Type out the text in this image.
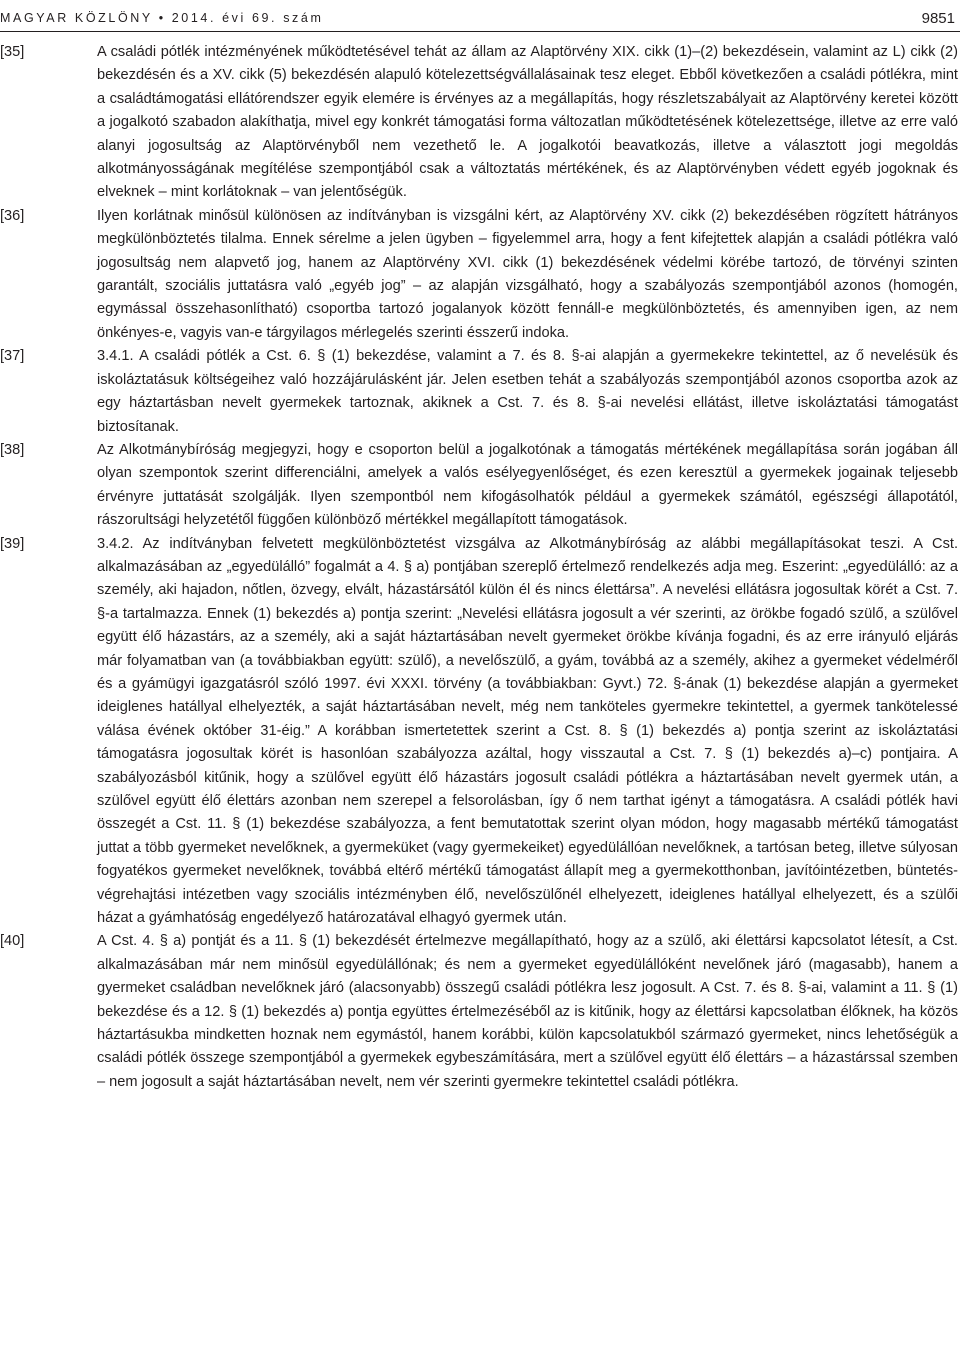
MAGYAR KÖZLÖNY • 2014. évi 69. szám	9851
[35]	A családi pótlék intézményének működtetésével tehát az állam az Alaptörvény XIX. cikk (1)–(2) bekezdésein, valamint az L) cikk (2) bekezdésén és a XV. cikk (5) bekezdésén alapuló kötelezettségvállalásainak tesz eleget. Ebből következően a családi pótlékra, mint a családtámogatási ellátórendszer egyik elemére is érvényes az a megállapítás, hogy részletszabályait az Alaptörvény keretei között a jogalkotó szabadon alakíthatja, mivel egy konkrét támogatási forma változatlan működtetésének kötelezettsége, illetve az erre való alanyi jogosultság az Alaptörvényből nem vezethető le. A jogalkotói beavatkozás, illetve a választott jogi megoldás alkotmányosságának megítélése szempontjából csak a változtatás mértékének, és az Alaptörvényben védett egyéb jogoknak és elveknek – mint korlátoknak – van jelentőségük.
[36]	Ilyen korlátnak minősül különösen az indítványban is vizsgálni kért, az Alaptörvény XV. cikk (2) bekezdésében rögzített hátrányos megkülönböztetés tilalma. Ennek sérelme a jelen ügyben – figyelemmel arra, hogy a fent kifejtettek alapján a családi pótlékra való jogosultság nem alapvető jog, hanem az Alaptörvény XVI. cikk (1) bekezdésének védelmi körébe tartozó, de törvényi szinten garantált, szociális juttatásra való „egyéb jog” – az alapján vizsgálható, hogy a szabályozás szempontjából azonos (homogén, egymással összehasonlítható) csoportba tartozó jogalanyok között fennáll-e megkülönböztetés, és amennyiben igen, az nem önkényes-e, vagyis van-e tárgyilagos mérlegelés szerinti ésszerű indoka.
[37]	3.4.1. A családi pótlék a Cst. 6. § (1) bekezdése, valamint a 7. és 8. §-ai alapján a gyermekekre tekintettel, az ő nevelésük és iskoláztatásuk költségeihez való hozzájárulásként jár. Jelen esetben tehát a szabályozás szempontjából azonos csoportba azok az egy háztartásban nevelt gyermekek tartoznak, akiknek a Cst. 7. és 8. §-ai nevelési ellátást, illetve iskoláztatási támogatást biztosítanak.
[38]	Az Alkotmánybíróság megjegyzi, hogy e csoporton belül a jogalkotónak a támogatás mértékének megállapítása során jogában áll olyan szempontok szerint differenciálni, amelyek a valós esélyegyenlőséget, és ezen keresztül a gyermekek jogainak teljesebb érvényre juttatását szolgálják. Ilyen szempontból nem kifogásolhatók például a gyermekek számától, egészségi állapotától, rászorultsági helyzetétől függően különböző mértékkel megállapított támogatások.
[39]	3.4.2. Az indítványban felvetett megkülönböztetést vizsgálva az Alkotmánybíróság az alábbi megállapításokat teszi. A Cst. alkalmazásában az „egyedülálló” fogalmát a 4. § a) pontjában szereplő értelmező rendelkezés adja meg. Eszerint: „egyedülálló: az a személy, aki hajadon, nőtlen, özvegy, elvált, házastársától külön él és nincs élettársa”. A nevelési ellátásra jogosultak körét a Cst. 7. §-a tartalmazza. Ennek (1) bekezdés a) pontja szerint: „Nevelési ellátásra jogosult a vér szerinti, az örökbe fogadó szülő, a szülővel együtt élő házastárs, az a személy, aki a saját háztartásában nevelt gyermeket örökbe kívánja fogadni, és az erre irányuló eljárás már folyamatban van (a továbbiakban együtt: szülő), a nevelőszülő, a gyám, továbbá az a személy, akihez a gyermeket védelméről és a gyámügyi igazgatásról szóló 1997. évi XXXI. törvény (a továbbiakban: Gyvt.) 72. §-ának (1) bekezdése alapján a gyermeket ideiglenes hatállyal elhelyezték, a saját háztartásában nevelt, még nem tanköteles gyermekre tekintettel, a gyermek tankötelessé válása évének október 31-éig.” A korábban ismertetettek szerint a Cst. 8. § (1) bekezdés a) pontja szerint az iskoláztatási támogatásra jogosultak körét is hasonlóan szabályozza azáltal, hogy visszautal a Cst. 7. § (1) bekezdés a)–c) pontjaira. A szabályozásból kitűnik, hogy a szülővel együtt élő házastárs jogosult családi pótlékra a háztartásában nevelt gyermek után, a szülővel együtt élő élettárs azonban nem szerepel a felsorolásban, így ő nem tarthat igényt a támogatásra. A családi pótlék havi összegét a Cst. 11. § (1) bekezdése szabályozza, a fent bemutatottak szerint olyan módon, hogy magasabb mértékű támogatást juttat a több gyermeket nevelőknek, a gyermeküket (vagy gyermekeiket) egyedülállóan nevelőknek, a tartósan beteg, illetve súlyosan fogyatékos gyermeket nevelőknek, továbbá eltérő mértékű támogatást állapít meg a gyermekotthonban, javítóintézetben, büntetés-végrehajtási intézetben vagy szociális intézményben élő, nevelőszülőnél elhelyezett, ideiglenes hatállyal elhelyezett, és a szülői házat a gyámhatóság engedélyező határozatával elhagyó gyermek után.
[40]	A Cst. 4. § a) pontját és a 11. § (1) bekezdését értelmezve megállapítható, hogy az a szülő, aki élettársi kapcsolatot létesít, a Cst. alkalmazásában már nem minősül egyedülállónak; és nem a gyermeket egyedülállóként nevelőnek járó (magasabb), hanem a gyermeket családban nevelőknek járó (alacsonyabb) összegű családi pótlékra lesz jogosult. A Cst. 7. és 8. §-ai, valamint a 11. § (1) bekezdése és a 12. § (1) bekezdés a) pontja együttes értelmezéséből az is kitűnik, hogy az élettársi kapcsolatban élőknek, ha közös háztartásukba mindketten hoznak nem egymástól, hanem korábbi, külön kapcsolatukból származó gyermeket, nincs lehetőségük a családi pótlék összege szempontjából a gyermekek egybeszámítására, mert a szülővel együtt élő élettárs – a házastárssal szemben – nem jogosult a saját háztartásában nevelt, nem vér szerinti gyermekre tekintettel családi pótlékra.
